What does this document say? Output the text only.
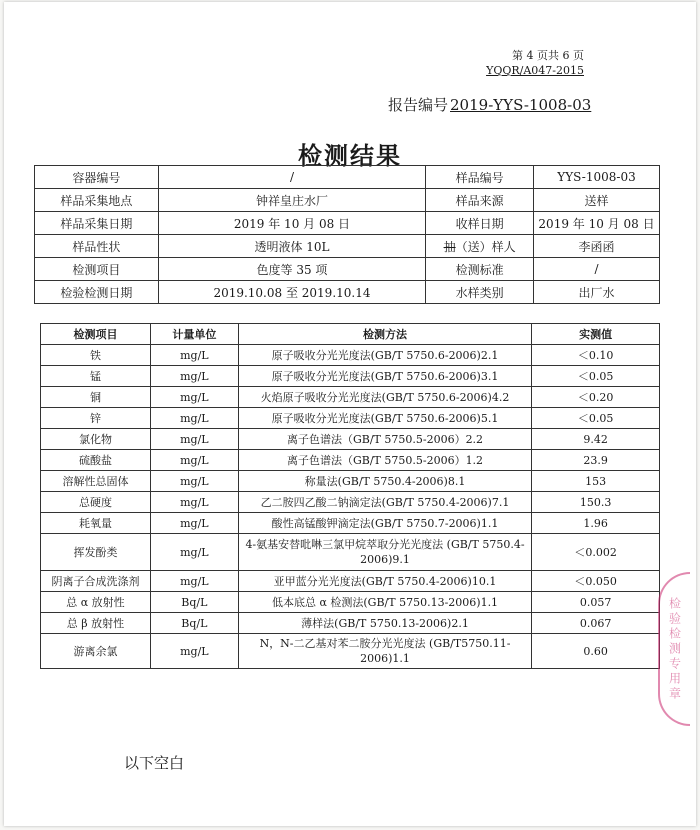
第 4 页共 6 页
YQQR/A047-2015
报告编号 2019-YYS-1008-03
检测结果
容器编号	/	样品编号	YYS-1008-03
样品采集地点	钟祥皇庄水厂	样品来源	送样
样品采集日期	2019 年 10 月 08 日	收样日期	2019 年 10 月 08 日
样品性状	透明液体 10L	抽（送）样人	李函函
检测项目	色度等 35 项	检测标准	/
检验检测日期	2019.10.08 至 2019.10.14	水样类别	出厂水
检测项目	计量单位	检测方法	实测值
铁	mg/L	原子吸收分光光度法(GB/T 5750.6-2006)2.1	＜0.10
锰	mg/L	原子吸收分光光度法(GB/T 5750.6-2006)3.1	＜0.05
铜	mg/L	火焰原子吸收分光光度法(GB/T 5750.6-2006)4.2	＜0.20
锌	mg/L	原子吸收分光光度法(GB/T 5750.6-2006)5.1	＜0.05
氯化物	mg/L	离子色谱法（GB/T 5750.5-2006）2.2	9.42
硫酸盐	mg/L	离子色谱法（GB/T 5750.5-2006）1.2	23.9
溶解性总固体	mg/L	称量法(GB/T 5750.4-2006)8.1	153
总硬度	mg/L	乙二胺四乙酸二钠滴定法(GB/T 5750.4-2006)7.1	150.3
耗氧量	mg/L	酸性高锰酸钾滴定法(GB/T 5750.7-2006)1.1	1.96
挥发酚类	mg/L	4-氨基安替吡啉三氯甲烷萃取分光光度法 (GB/T 5750.4-2006)9.1	＜0.002
阴离子合成洗涤剂	mg/L	亚甲蓝分光光度法(GB/T 5750.4-2006)10.1	＜0.050
总 α 放射性	Bq/L	低本底总 α 检测法(GB/T 5750.13-2006)1.1	0.057
总 β 放射性	Bq/L	薄样法(GB/T 5750.13-2006)2.1	0.067
游离余氯	mg/L	N，N-二乙基对苯二胺分光光度法 (GB/T5750.11-2006)1.1	0.60
以下空白
检验检测专用章
